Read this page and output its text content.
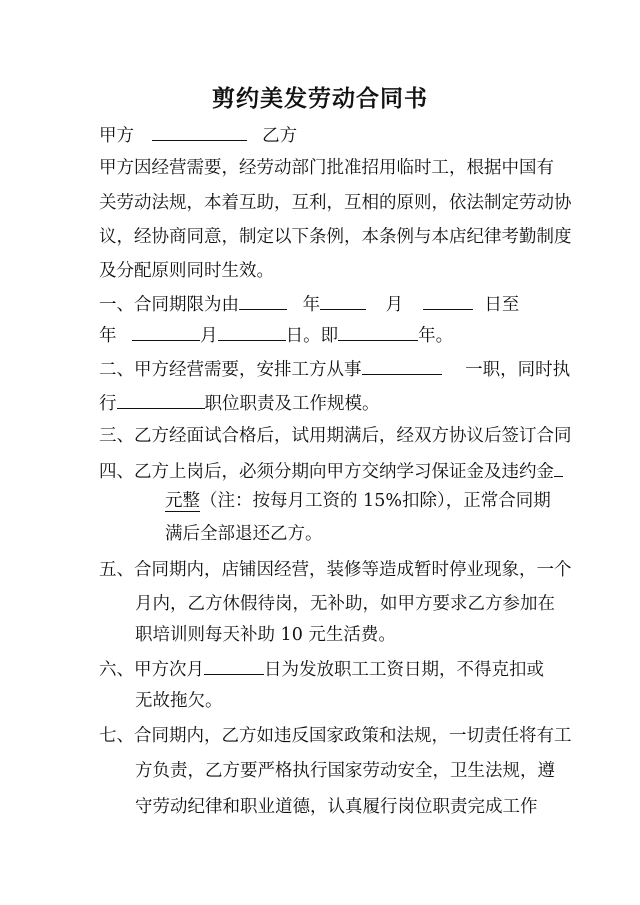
剪约美发劳动合同书
甲方	乙方
甲方因经营需要，经劳动部门批准招用临时工，根据中国有
关劳动法规，本着互助，互利，互相的原则，依法制定劳动协
议，经协商同意，制定以下条例，本条例与本店纪律考勤制度
及分配原则同时生效。
一、合同期限为由	年	月	日至
年	月	日。即	年。
二、甲方经营需要，安排工方从事	一职，同时执
行	职位职责及工作规模。
三、乙方经面试合格后，试用期满后，经双方协议后签订合同
四、乙方上岗后，必须分期向甲方交纳学习保证金及违约金
元整（注：按每月工资的 15%扣除），正常合同期
满后全部退还乙方。
五、合同期内，店铺因经营，装修等造成暂时停业现象，一个
月内，乙方休假待岗，无补助，如甲方要求乙方参加在
职培训则每天补助 10 元生活费。
六、甲方次月	日为发放职工工资日期，不得克扣或
无故拖欠。
七、合同期内，乙方如违反国家政策和法规，一切责任将有工
方负责，乙方要严格执行国家劳动安全，卫生法规，遵
守劳动纪律和职业道德，认真履行岗位职责完成工作
